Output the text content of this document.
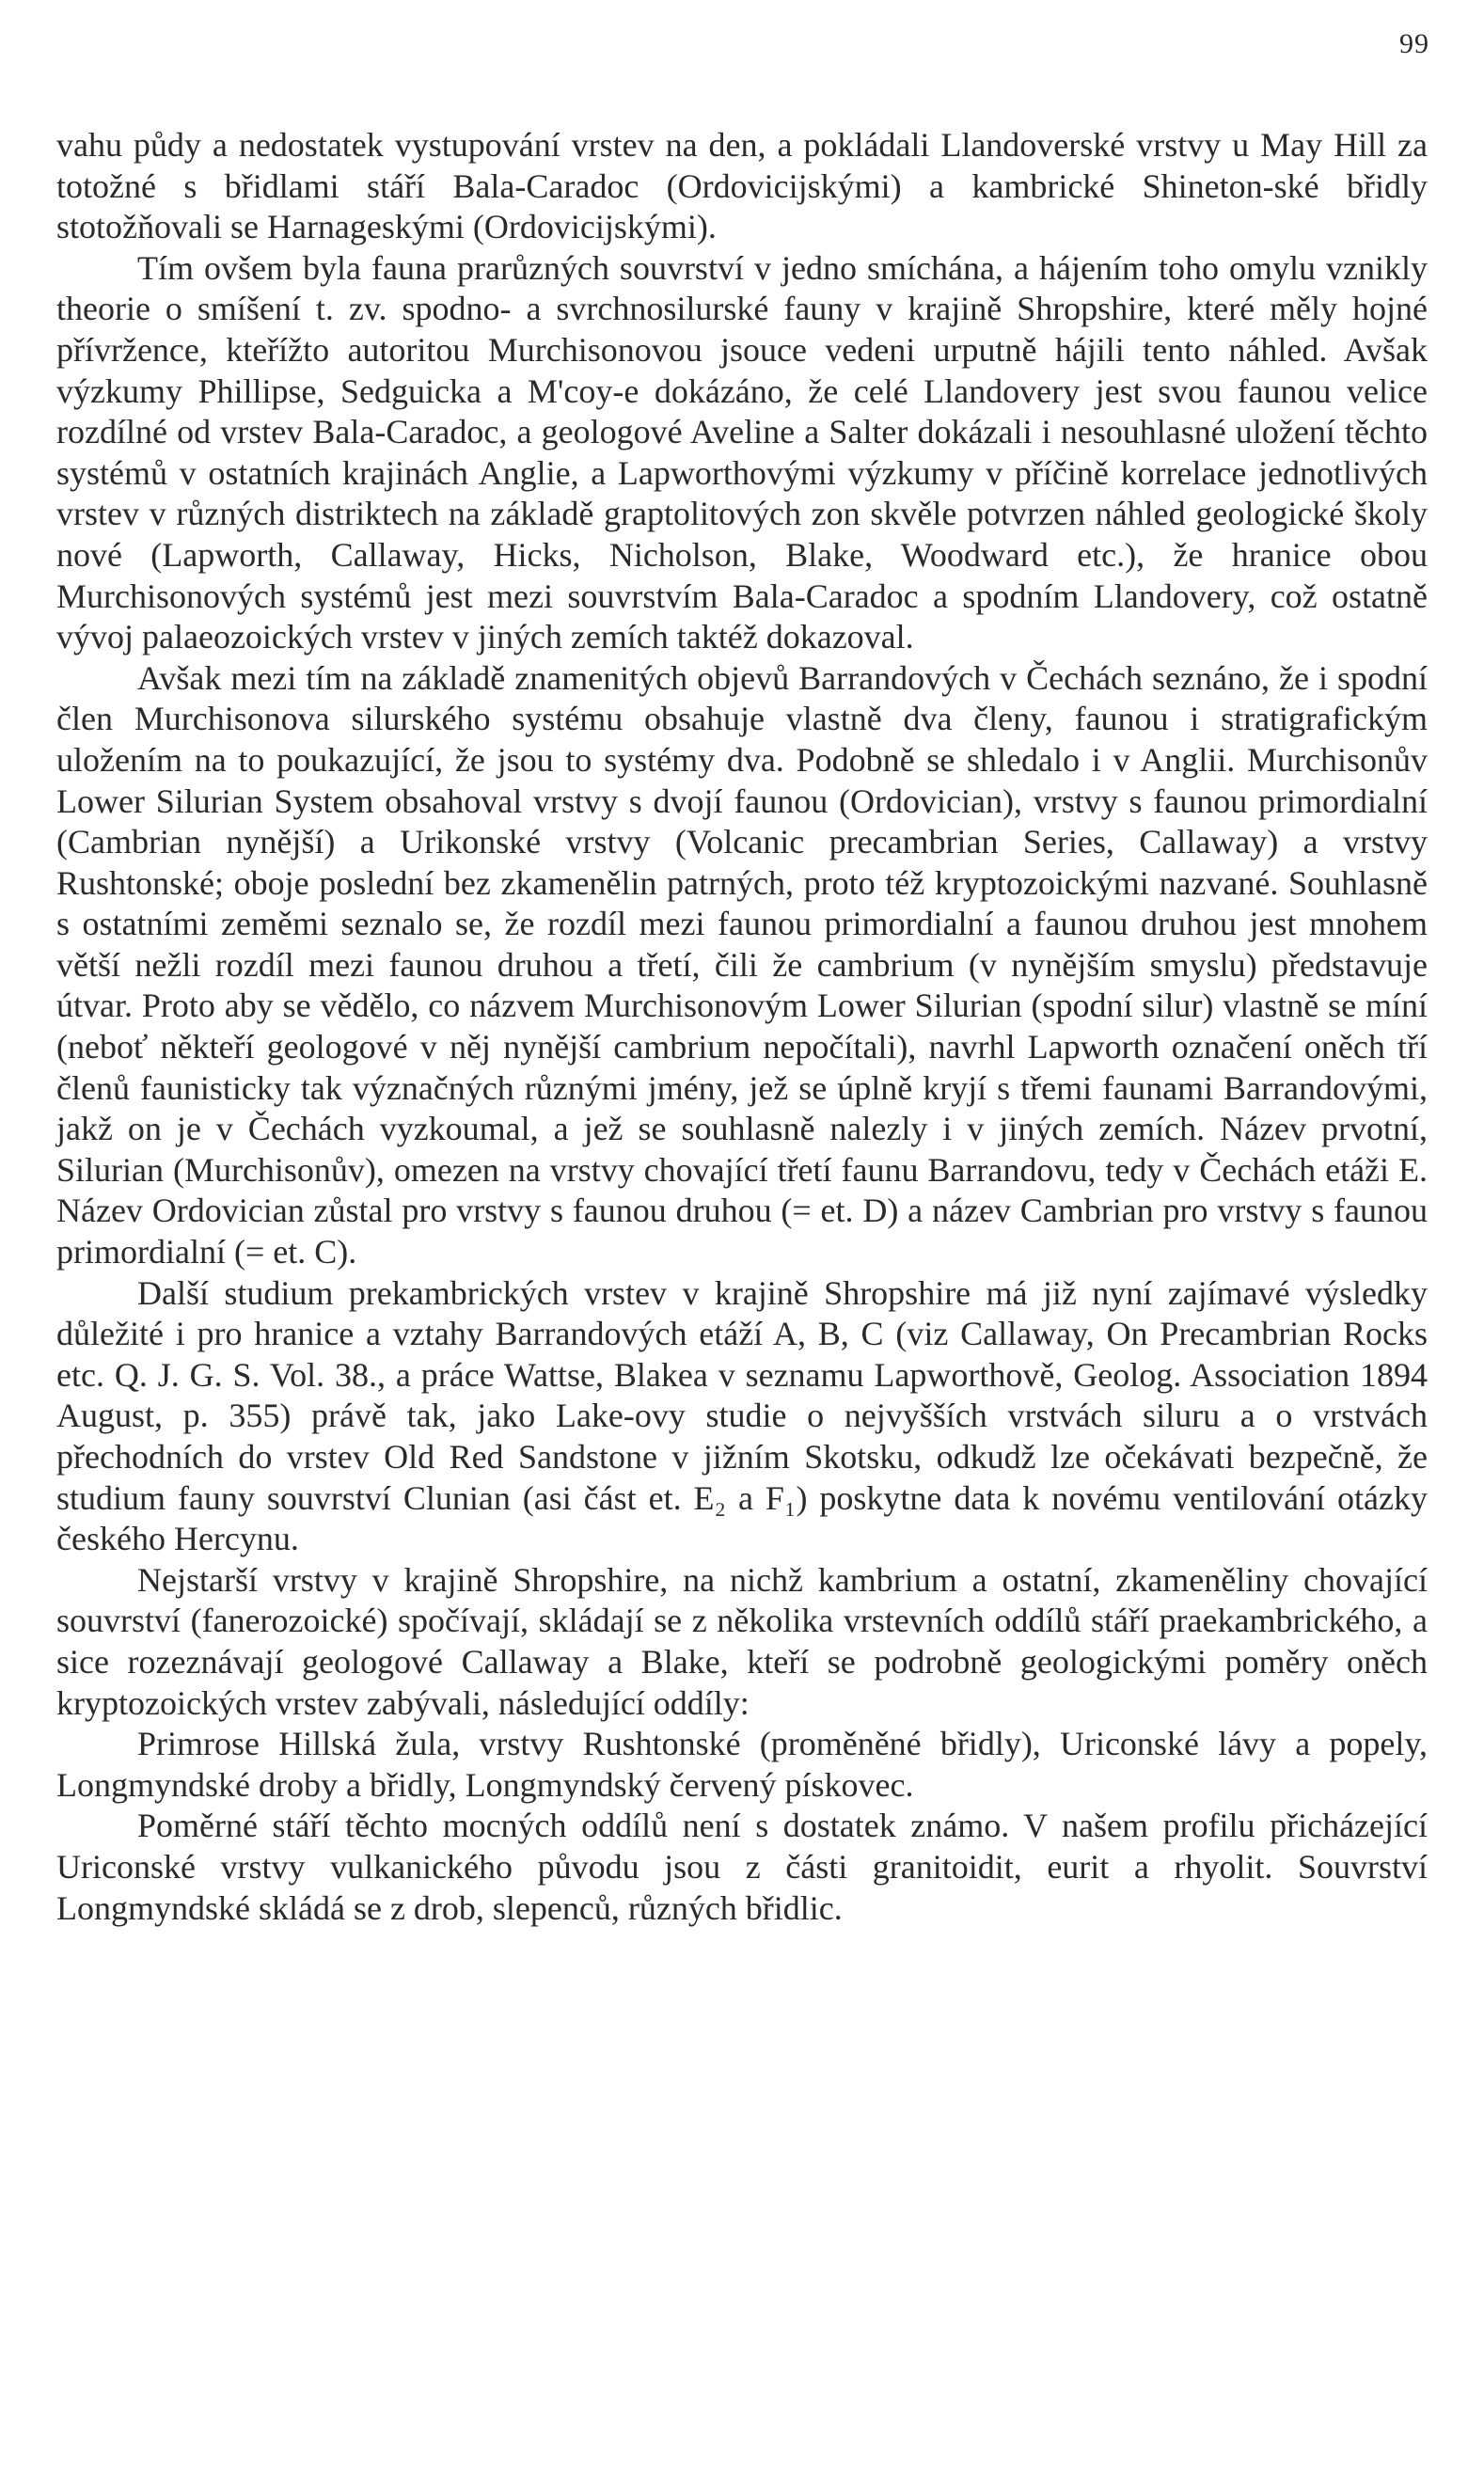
99

vahu půdy a nedostatek vystupování vrstev na den, a pokládali Llandoverské vrstvy u May Hill za totožné s břidlami stáří Bala-Caradoc (Ordovicijskými) a kambrické Shineton-ské břidly stotožňovali se Harnageskými (Ordovicijskými).

Tím ovšem byla fauna prarůzných souvrství v jedno smíchána, a hájením toho omylu vznikly theorie o smíšení t. zv. spodno- a svrchnosilurské fauny v krajině Shropshire, které měly hojné přívržence, kteřížto autoritou Murchisonovou jsouce vedeni urputně hájili tento náhled. Avšak výzkumy Phillipse, Sedguicka a M'coy-e dokázáno, že celé Llandovery jest svou faunou velice rozdílné od vrstev Bala-Caradoc, a geologové Aveline a Salter dokázali i nesouhlasné uložení těchto systémů v ostatních krajinách Anglie, a Lapworthovými výzkumy v příčině korrelace jednotlivých vrstev v různých distriktech na základě graptolitových zon skvěle potvrzen náhled geologické školy nové (Lapworth, Callaway, Hicks, Nicholson, Blake, Woodward etc.), že hranice obou Murchisonových systémů jest mezi souvrstvím Bala-Caradoc a spodním Llandovery, což ostatně vývoj palaeozoických vrstev v jiných zemích taktéž dokazoval.

Avšak mezi tím na základě znamenitých objevů Barrandových v Čechách seznáno, že i spodní člen Murchisonova silurského systému obsahuje vlastně dva členy, faunou i stratigrafickým uložením na to poukazující, že jsou to systémy dva. Podobně se shledalo i v Anglii. Murchisonův Lower Silurian System obsahoval vrstvy s dvojí faunou (Ordovician), vrstvy s faunou primordialní (Cambrian nynější) a Urikonské vrstvy (Volcanic precambrian Series, Callaway) a vrstvy Rushtonské; oboje poslední bez zkamenělin patrných, proto též kryptozoickými nazvané. Souhlasně s ostatními zeměmi seznalo se, že rozdíl mezi faunou primordialní a faunou druhou jest mnohem větší nežli rozdíl mezi faunou druhou a třetí, čili že cambrium (v nynějším smyslu) představuje útvar. Proto aby se vědělo, co názvem Murchisonovým Lower Silurian (spodní silur) vlastně se míní (neboť někteří geologové v něj nynější cambrium nepočítali), navrhl Lapworth označení oněch tří členů faunisticky tak význačných různými jmény, jež se úplně kryjí s třemi faunami Barrandovými, jakž on je v Čechách vyzkoumal, a jež se souhlasně nalezly i v jiných zemích. Název prvotní, Silurian (Murchisonův), omezen na vrstvy chovající třetí faunu Barrandovu, tedy v Čechách etáži E. Název Ordovician zůstal pro vrstvy s faunou druhou (= et. D) a název Cambrian pro vrstvy s faunou primordialní (= et. C).

Další studium prekambrických vrstev v krajině Shropshire má již nyní zajímavé výsledky důležité i pro hranice a vztahy Barrandových etáží A, B, C (viz Callaway, On Precambrian Rocks etc. Q. J. G. S. Vol. 38., a práce Wattse, Blakea v seznamu Lapworthově, Geolog. Association 1894 August, p. 355) právě tak, jako Lake-ovy studie o nejvyšších vrstvách siluru a o vrstvách přechodních do vrstev Old Red Sandstone v jižním Skotsku, odkudž lze očekávati bezpečně, že studium fauny souvrství Clunian (asi část et. E₂ a F₁) poskytne data k novému ventilování otázky českého Hercynu.

Nejstarší vrstvy v krajině Shropshire, na nichž kambrium a ostatní, zkameněliny chovající souvrství (fanerozoické) spočívají, skládají se z několika vrstevních oddílů stáří praekambrického, a sice rozeznávají geologové Callaway a Blake, kteří se podrobně geologickými poměry oněch kryptozoických vrstev zabývali, následující oddíly:

Primrose Hillská žula, vrstvy Rushtonské (proměněné břidly), Uriconské lávy a popely, Longmyndské droby a břidly, Longmyndský červený pískovec.

Poměrné stáří těchto mocných oddílů není s dostatek známo. V našem profilu přicházející Uriconské vrstvy vulkanického původu jsou z části granitoidit, eurit a rhyolit. Souvrství Longmyndské skládá se z drob, slepenců, různých břidlic.
